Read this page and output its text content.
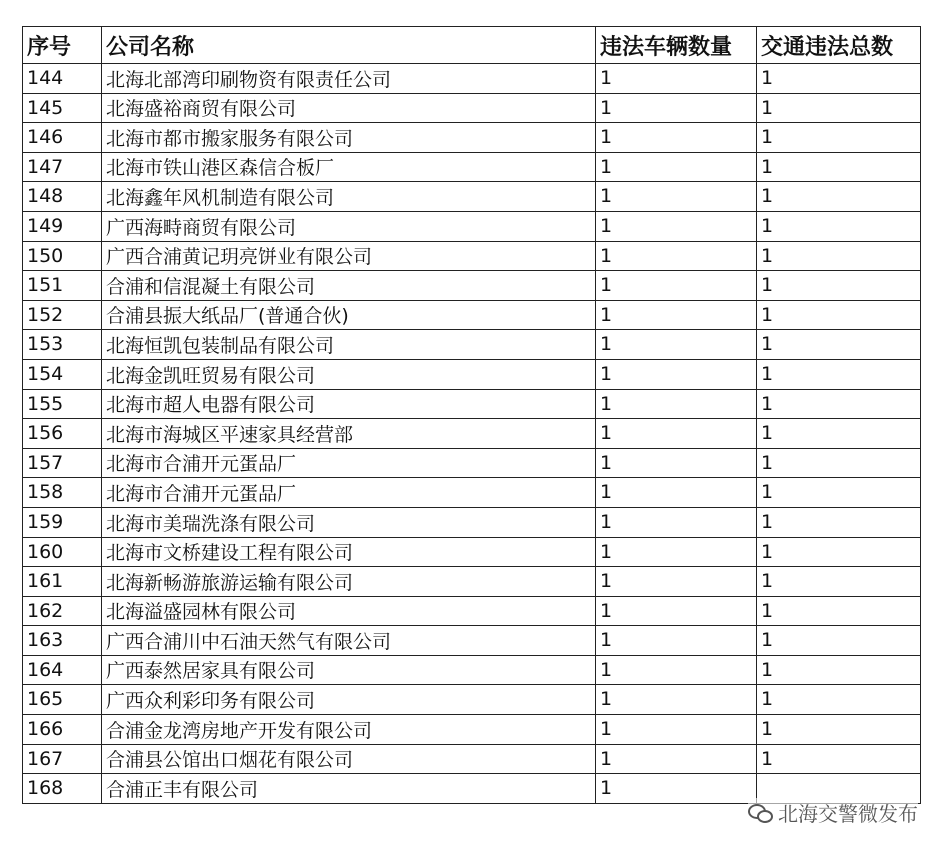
序号	公司名称	违法车辆数量	交通违法总数
144	北海北部湾印刷物资有限责任公司	1	1
145	北海盛裕商贸有限公司	1	1
146	北海市都市搬家服务有限公司	1	1
147	北海市铁山港区森信合板厂	1	1
148	北海鑫年风机制造有限公司	1	1
149	广西海畤商贸有限公司	1	1
150	广西合浦黄记玥亮饼业有限公司	1	1
151	合浦和信混凝土有限公司	1	1
152	合浦县振大纸品厂(普通合伙)	1	1
153	北海恒凯包装制品有限公司	1	1
154	北海金凯旺贸易有限公司	1	1
155	北海市超人电器有限公司	1	1
156	北海市海城区平速家具经营部	1	1
157	北海市合浦开元蛋品厂	1	1
158	北海市合浦开元蛋品厂	1	1
159	北海市美瑞洗涤有限公司	1	1
160	北海市文桥建设工程有限公司	1	1
161	北海新畅游旅游运输有限公司	1	1
162	北海溢盛园林有限公司	1	1
163	广西合浦川中石油天然气有限公司	1	1
164	广西泰然居家具有限公司	1	1
165	广西众利彩印务有限公司	1	1
166	合浦金龙湾房地产开发有限公司	1	1
167	合浦县公馆出口烟花有限公司	1	1
168	合浦正丰有限公司	1	
北海交警微发布
